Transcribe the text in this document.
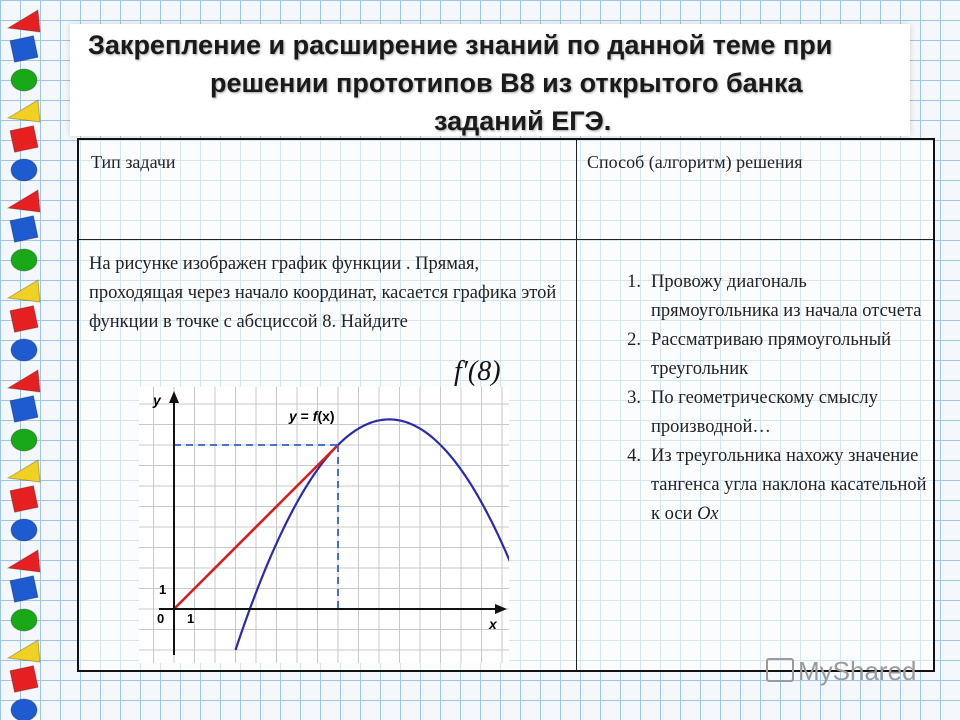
Закрепление и расширение знаний по данной теме при
решении прототипов В8 из открытого банка
заданий ЕГЭ.
Тип задачи	Способ (алгоритм) решения
На рисунке изображен график функции . Прямая, проходящая через начало координат, касается графика этой функции в точке с абсциссой 8. Найдите
f′(8)
y
x
0 1
1
y = f(x)
1. Провожу диагональ прямоугольника из начала отсчета
2. Рассматриваю прямоугольный треугольник
3. По геометрическому смыслу производной…
4. Из треугольника нахожу значение тангенса угла наклона касательной к оси Ox
MyShared
